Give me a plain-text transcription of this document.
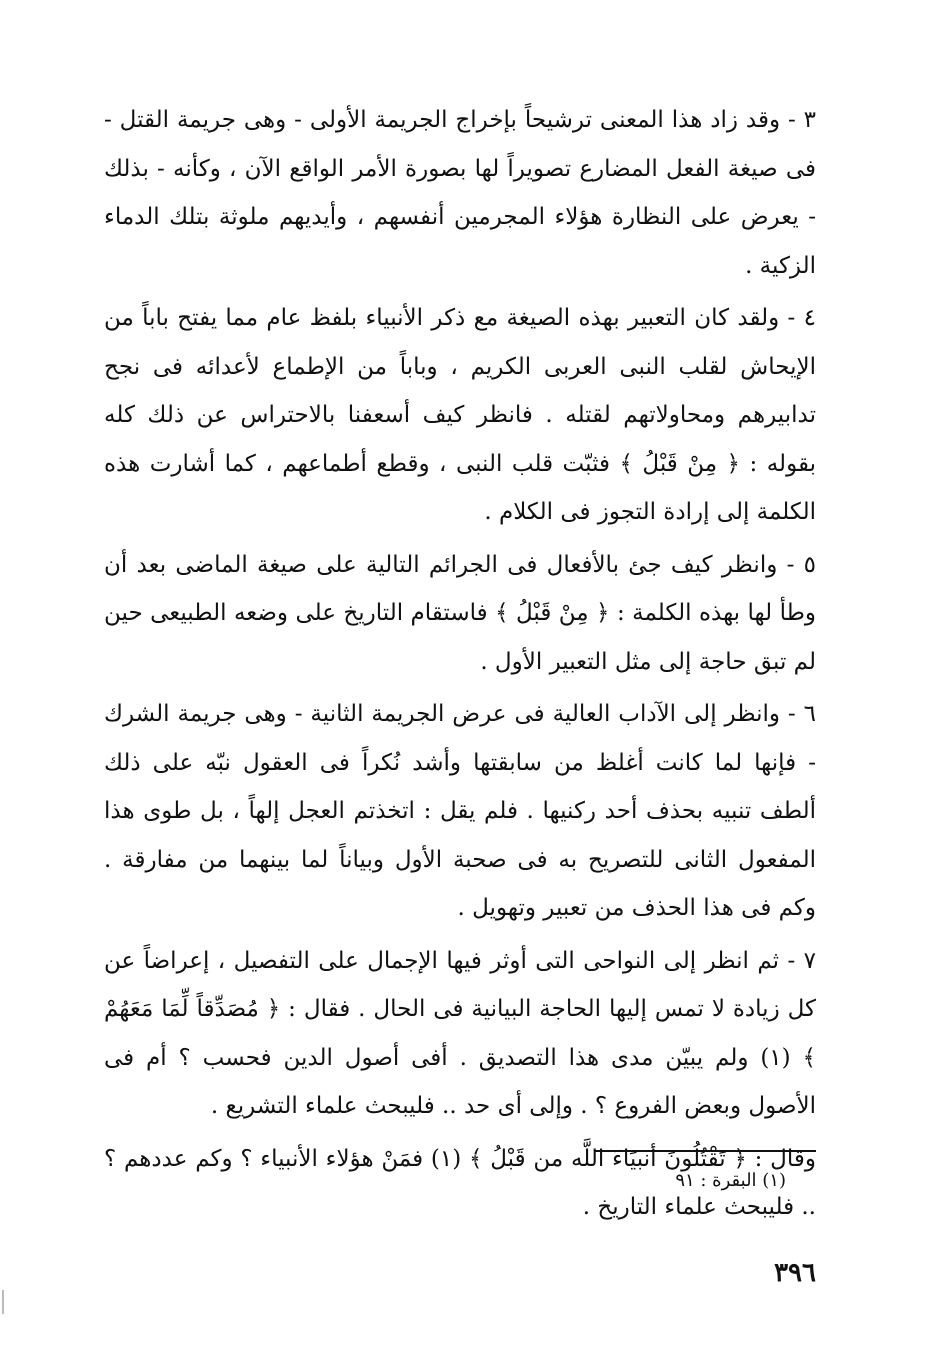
٣ - وقد زاد هذا المعنى ترشيحاً بإخراج الجريمة الأولى - وهى جريمة القتل - فى صيغة الفعل المضارع تصويراً لها بصورة الأمر الواقع الآن ، وكأنه - بذلك - يعرض على النظارة هؤلاء المجرمين أنفسهم ، وأيديهم ملوثة بتلك الدماء الزكية .

٤ - ولقد كان التعبير بهذه الصيغة مع ذكر الأنبياء بلفظ عام مما يفتح باباً من الإيحاش لقلب النبى العربى الكريم ، وباباً من الإطماع لأعدائه فى نجح تدابيرهم ومحاولاتهم لقتله . فانظر كيف أسعفنا بالاحتراس عن ذلك كله بقوله : ﴿ مِنْ قَبْلُ ﴾ فثبّت قلب النبى ، وقطع أطماعهم ، كما أشارت هذه الكلمة إلى إرادة التجوز فى الكلام .

٥ - وانظر كيف جئ بالأفعال فى الجرائم التالية على صيغة الماضى بعد أن وطأ لها بهذه الكلمة : ﴿ مِنْ قَبْلُ ﴾ فاستقام التاريخ على وضعه الطبيعى حين لم تبق حاجة إلى مثل التعبير الأول .

٦ - وانظر إلى الآداب العالية فى عرض الجريمة الثانية - وهى جريمة الشرك - فإنها لما كانت أغلظ من سابقتها وأشد نُكراً فى العقول نبّه على ذلك ألطف تنبيه بحذف أحد ركنيها . فلم يقل : اتخذتم العجل إلهاً ، بل طوى هذا المفعول الثانى للتصريح به فى صحبة الأول وبياناً لما بينهما من مفارقة . وكم فى هذا الحذف من تعبير وتهويل .

٧ - ثم انظر إلى النواحى التى أوثر فيها الإجمال على التفصيل ، إعراضاً عن كل زيادة لا تمس إليها الحاجة البيانية فى الحال . فقال : ﴿ مُصَدِّقاً لِّمَا مَعَهُمْ ﴾ (١) ولم يبيّن مدى هذا التصديق . أفى أصول الدين فحسب ؟ أم فى الأصول وبعض الفروع ؟ . وإلى أى حد .. فليبحث علماء التشريع .

وقال : ﴿ تَقْتُلُونَ أنبيَاءَ اللَّه من قَبْلُ ﴾ (١) فمَنْ هؤلاء الأنبياء ؟ وكم عددهم ؟ .. فليبحث علماء التاريخ .

(١) البقرة : ٩١
٣٩٦
